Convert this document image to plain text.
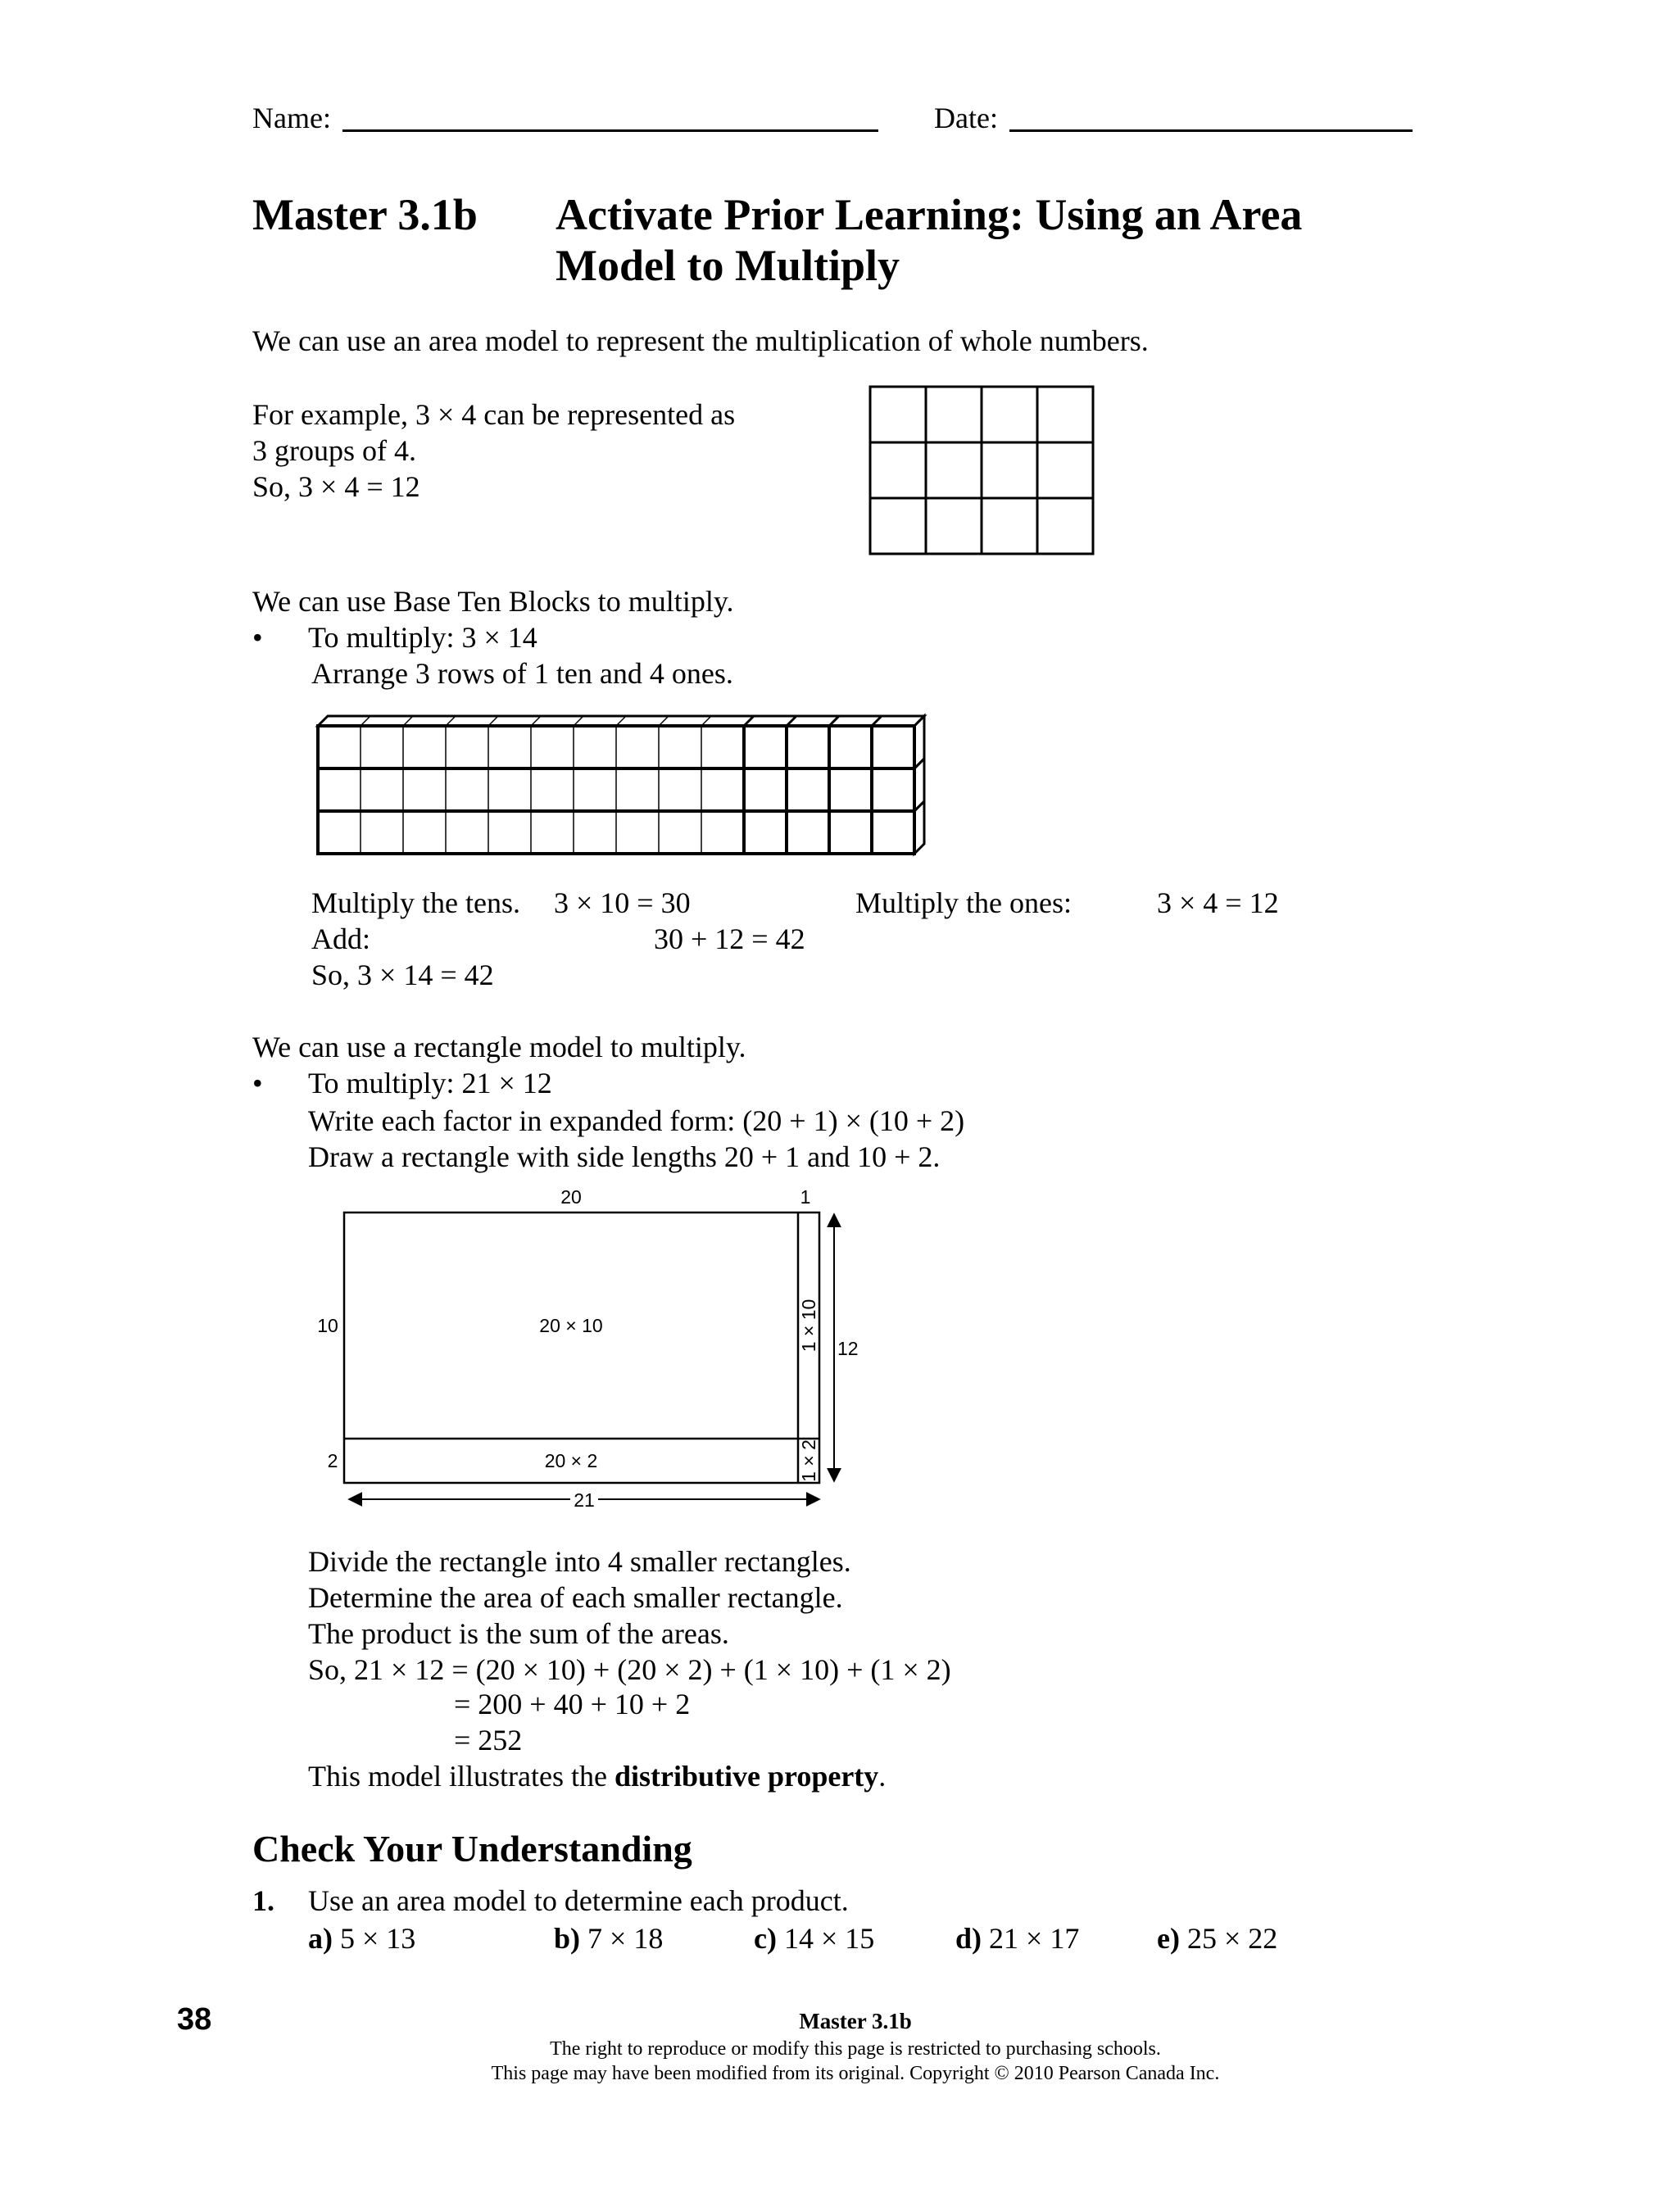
Name:	Date:
Master 3.1b Activate Prior Learning: Using an Area
Model to Multiply
We can use an area model to represent the multiplication of whole numbers.
For example, 3 × 4 can be represented as
3 groups of 4.
So, 3 × 4 = 12
We can use Base Ten Blocks to multiply.
• To multiply: 3 × 14
Arrange 3 rows of 1 ten and 4 ones.
Multiply the tens. 3 × 10 = 30	Multiply the ones:	3 × 4 = 12
Add:	30 + 12 = 42
So, 3 × 14 = 42
We can use a rectangle model to multiply.
• To multiply: 21 × 12
Write each factor in expanded form: (20 + 1) × (10 + 2)
Draw a rectangle with side lengths 20 + 1 and 10 + 2.
20	1
10
2
20 × 10
20 × 2
1 × 10
1 × 2
12
21
Divide the rectangle into 4 smaller rectangles.
Determine the area of each smaller rectangle.
The product is the sum of the areas.
So, 21 × 12 = (20 × 10) + (20 × 2) + (1 × 10) + (1 × 2)
= 200 + 40 + 10 + 2
= 252
This model illustrates the distributive property.
Check Your Understanding
1. Use an area model to determine each product.
a) 5 × 13	b) 7 × 18	c) 14 × 15	d) 21 × 17	e) 25 × 22
38	Master 3.1b
The right to reproduce or modify this page is restricted to purchasing schools.
This page may have been modified from its original. Copyright © 2010 Pearson Canada Inc.
